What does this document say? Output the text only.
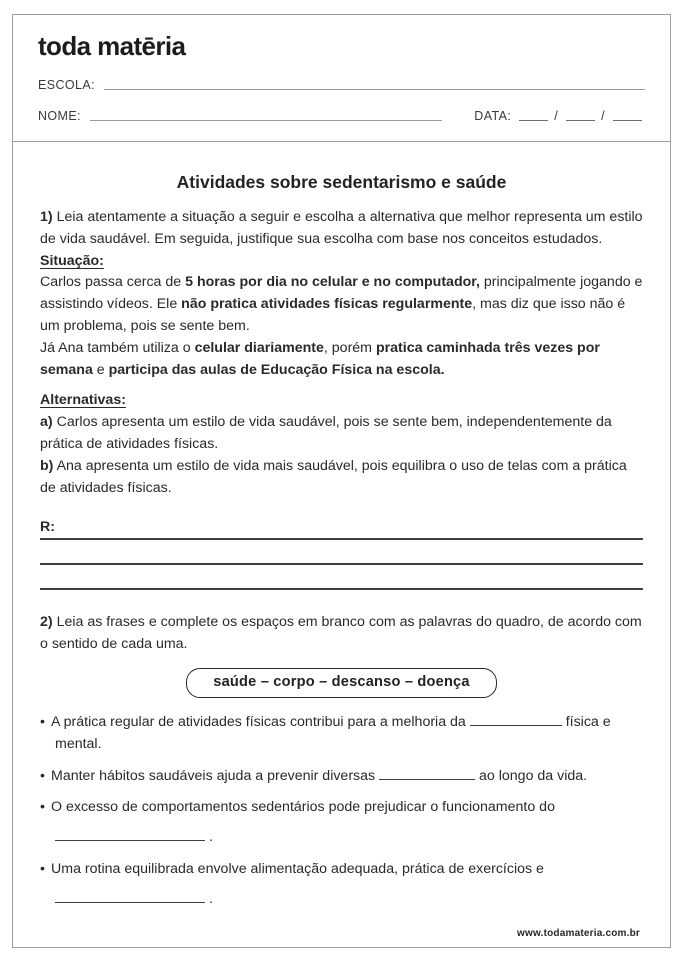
toda matēria
ESCOLA:
NOME:	DATA:	/	/
Atividades sobre sedentarismo e saúde

1) Leia atentamente a situação a seguir e escolha a alternativa que melhor representa um estilo de vida saudável. Em seguida, justifique sua escolha com base nos conceitos estudados.

Situação:

Carlos passa cerca de 5 horas por dia no celular e no computador, principalmente jogando e assistindo vídeos. Ele não pratica atividades físicas regularmente, mas diz que isso não é um problema, pois se sente bem.
Já Ana também utiliza o celular diariamente, porém pratica caminhada três vezes por semana e participa das aulas de Educação Física na escola.

Alternativas:

a) Carlos apresenta um estilo de vida saudável, pois se sente bem, independentemente da prática de atividades físicas.

b) Ana apresenta um estilo de vida mais saudável, pois equilibra o uso de telas com a prática de atividades físicas.

R:

2) Leia as frases e complete os espaços em branco com as palavras do quadro, de acordo com o sentido de cada uma.

saúde – corpo – descanso – doença
• A prática regular de atividades físicas contribui para a melhoria da	física e mental.
• Manter hábitos saudáveis ajuda a prevenir diversas	ao longo da vida.
• O excesso de comportamentos sedentários pode prejudicar o funcionamento do
.
• Uma rotina equilibrada envolve alimentação adequada, prática de exercícios e
.
www.todamateria.com.br
